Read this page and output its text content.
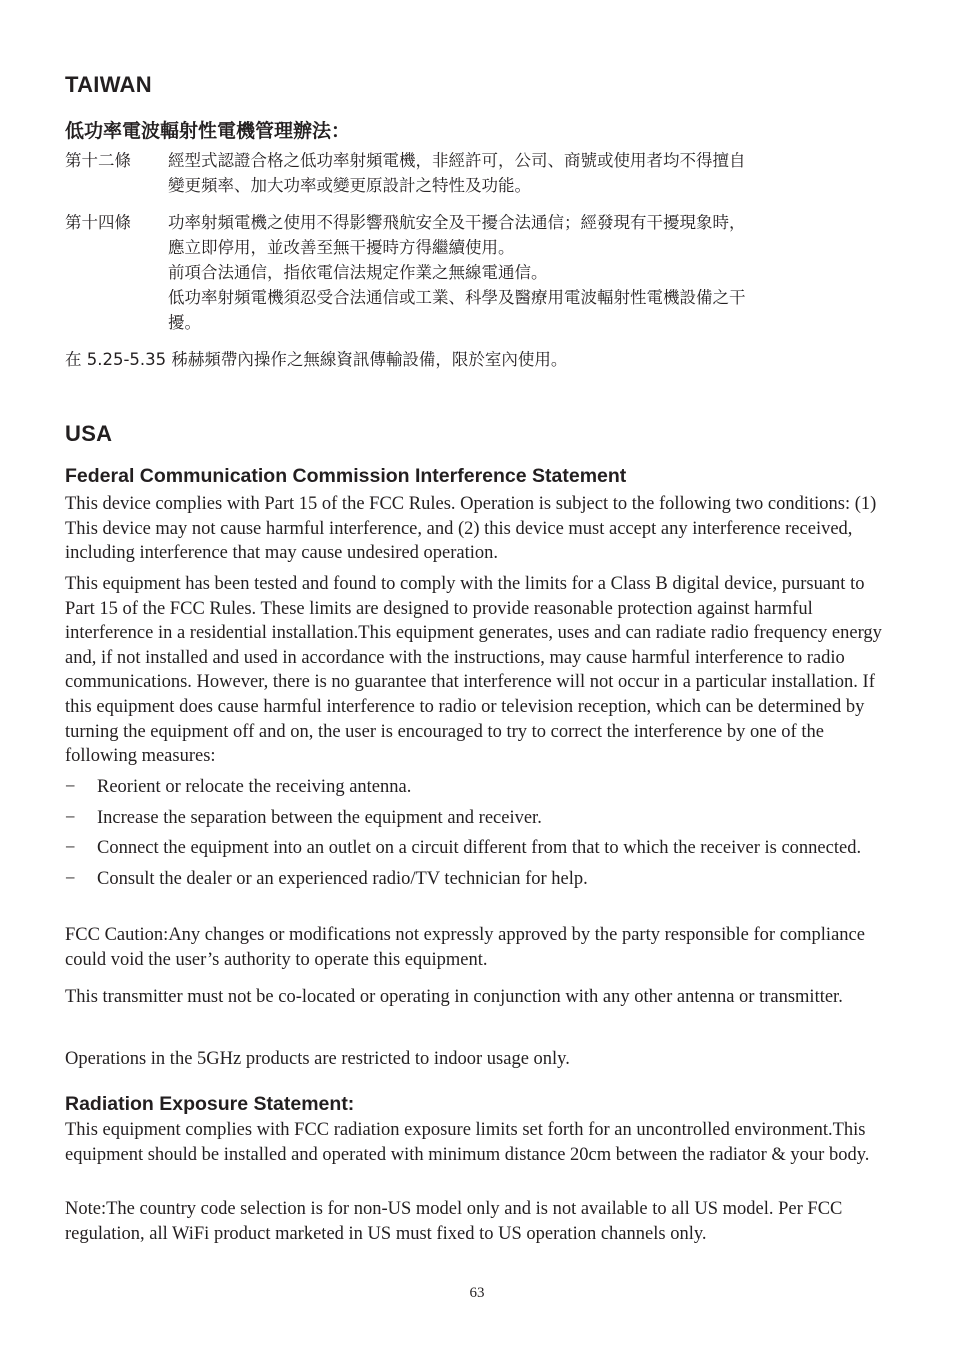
TAIWAN
低功率電波輻射性電機管理辦法：
第十二條	經型式認證合格之低功率射頻電機，非經許可，公司、商號或使用者均不得擅自

變更頻率、加大功率或變更原設計之特性及功能。

第十四條	功率射頻電機之使用不得影響飛航安全及干擾合法通信；經發現有干擾現象時，

應立即停用，並改善至無干擾時方得繼續使用。

前項合法通信，指依電信法規定作業之無線電通信。

低功率射頻電機須忍受合法通信或工業、科學及醫療用電波輻射性電機設備之干

擾。

在 5.25-5.35 秭赫頻帶內操作之無線資訊傳輸設備，限於室內使用。
USA
Federal Communication Commission Interference Statement

This device complies with Part 15 of the FCC Rules. Operation is subject to the following two conditions: (1) This device may not cause harmful interference, and (2) this device must accept any interference received, including interference that may cause undesired operation.

This equipment has been tested and found to comply with the limits for a Class B digital device, pursuant to Part 15 of the FCC Rules. These limits are designed to provide reasonable protection against harmful interference in a residential installation.This equipment generates, uses and can radiate radio frequency energy and, if not installed and used in accordance with the instructions, may cause harmful interference to radio communications. However, there is no guarantee that interference will not occur in a particular installation. If this equipment does cause harmful interference to radio or television reception, which can be determined by turning the equipment off and on, the user is encouraged to try to correct the interference by one of the following measures:

− Reorient or relocate the receiving antenna.
− Increase the separation between the equipment and receiver.
− Connect the equipment into an outlet on a circuit different from that to which the receiver is connected.
− Consult the dealer or an experienced radio/TV technician for help.

FCC Caution:Any changes or modifications not expressly approved by the party responsible for compliance could void the user’s authority to operate this equipment.

This transmitter must not be co-located or operating in conjunction with any other antenna or transmitter.

Operations in the 5GHz products are restricted to indoor usage only.

Radiation Exposure Statement:

This equipment complies with FCC radiation exposure limits set forth for an uncontrolled environment.This equipment should be installed and operated with minimum distance 20cm between the radiator & your body.

Note:The country code selection is for non-US model only and is not available to all US model. Per FCC regulation, all WiFi product marketed in US must fixed to US operation channels only.

63
